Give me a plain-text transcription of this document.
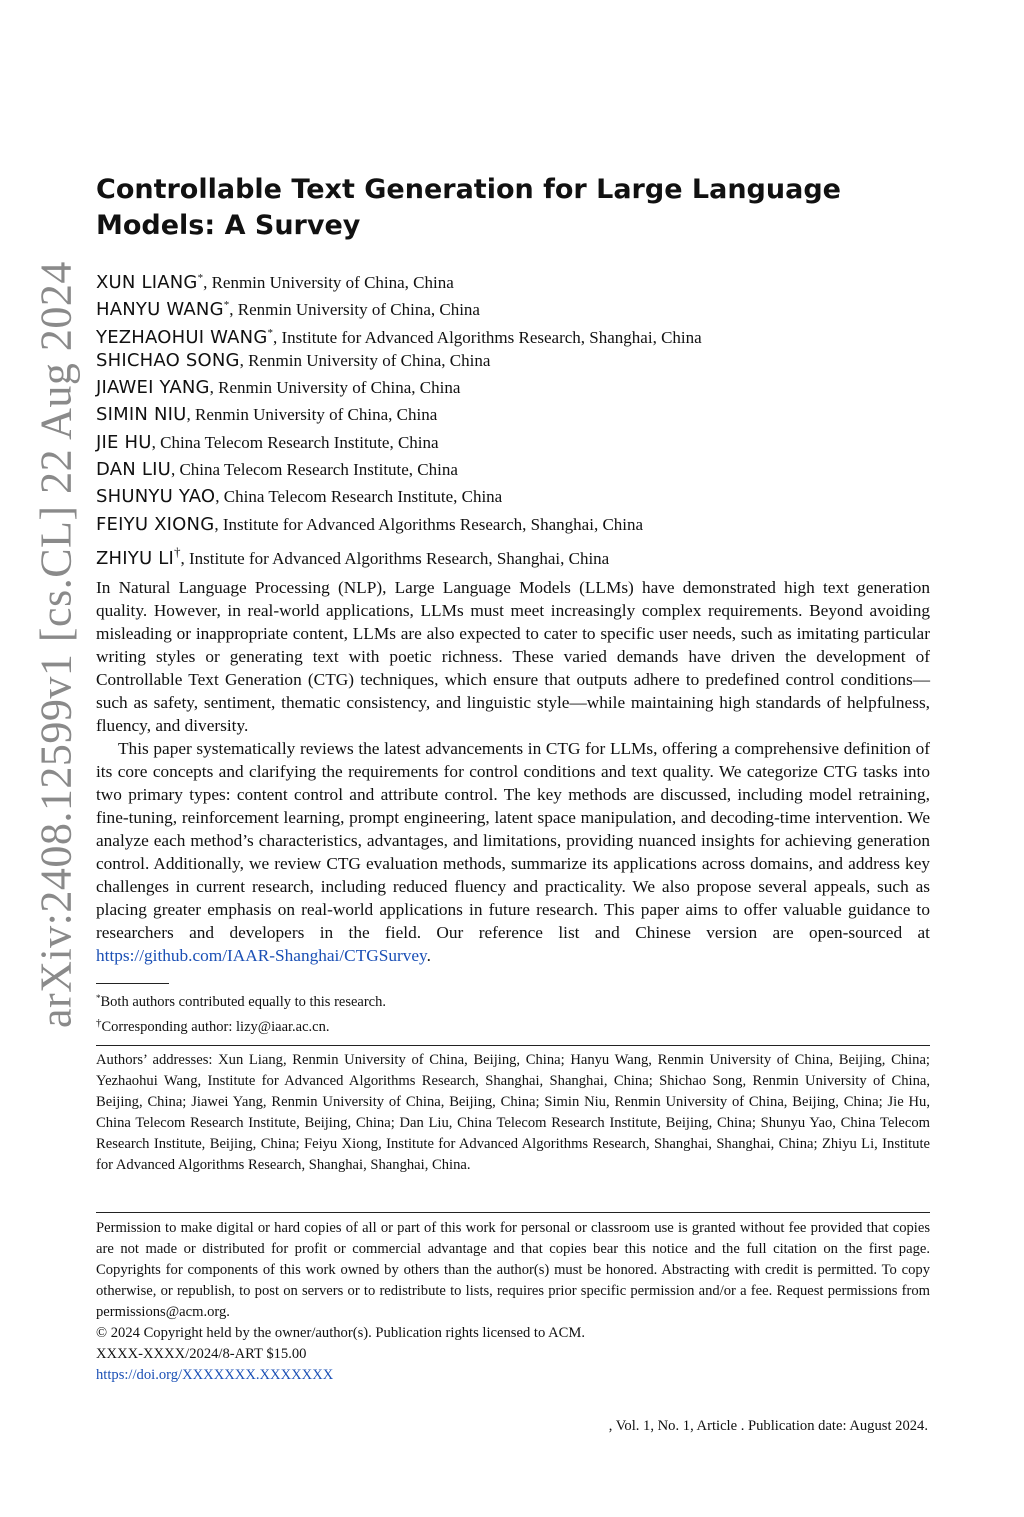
arXiv:2408.12599v1 [cs.CL] 22 Aug 2024
Controllable Text Generation for Large Language Models: A Survey
XUN LIANG*, Renmin University of China, China
HANYU WANG*, Renmin University of China, China
YEZHAOHUI WANG*, Institute for Advanced Algorithms Research, Shanghai, China
SHICHAO SONG, Renmin University of China, China
JIAWEI YANG, Renmin University of China, China
SIMIN NIU, Renmin University of China, China
JIE HU, China Telecom Research Institute, China
DAN LIU, China Telecom Research Institute, China
SHUNYU YAO, China Telecom Research Institute, China
FEIYU XIONG, Institute for Advanced Algorithms Research, Shanghai, China
ZHIYU LI†, Institute for Advanced Algorithms Research, Shanghai, China

In Natural Language Processing (NLP), Large Language Models (LLMs) have demonstrated high text generation quality. However, in real-world applications, LLMs must meet increasingly complex requirements. Beyond avoiding misleading or inappropriate content, LLMs are also expected to cater to specific user needs, such as imitating particular writing styles or generating text with poetic richness. These varied demands have driven the development of Controllable Text Generation (CTG) techniques, which ensure that outputs adhere to predefined control conditions—such as safety, sentiment, thematic consistency, and linguistic style—while maintaining high standards of helpfulness, fluency, and diversity.

This paper systematically reviews the latest advancements in CTG for LLMs, offering a comprehensive definition of its core concepts and clarifying the requirements for control conditions and text quality. We categorize CTG tasks into two primary types: content control and attribute control. The key methods are discussed, including model retraining, fine-tuning, reinforcement learning, prompt engineering, latent space manipulation, and decoding-time intervention. We analyze each method’s characteristics, advantages, and limitations, providing nuanced insights for achieving generation control. Additionally, we review CTG evaluation methods, summarize its applications across domains, and address key challenges in current research, including reduced fluency and practicality. We also propose several appeals, such as placing greater emphasis on real-world applications in future research. This paper aims to offer valuable guidance to researchers and developers in the field. Our reference list and Chinese version are open-sourced at https://github.com/IAAR-Shanghai/CTGSurvey.

*Both authors contributed equally to this research.
†Corresponding author: lizy@iaar.ac.cn.

Authors’ addresses: Xun Liang, Renmin University of China, Beijing, China; Hanyu Wang, Renmin University of China, Beijing, China; Yezhaohui Wang, Institute for Advanced Algorithms Research, Shanghai, Shanghai, China; Shichao Song, Renmin University of China, Beijing, China; Jiawei Yang, Renmin University of China, Beijing, China; Simin Niu, Renmin University of China, Beijing, China; Jie Hu, China Telecom Research Institute, Beijing, China; Dan Liu, China Telecom Research Institute, Beijing, China; Shunyu Yao, China Telecom Research Institute, Beijing, China; Feiyu Xiong, Institute for Advanced Algorithms Research, Shanghai, Shanghai, China; Zhiyu Li, Institute for Advanced Algorithms Research, Shanghai, Shanghai, China.

Permission to make digital or hard copies of all or part of this work for personal or classroom use is granted without fee provided that copies are not made or distributed for profit or commercial advantage and that copies bear this notice and the full citation on the first page. Copyrights for components of this work owned by others than the author(s) must be honored. Abstracting with credit is permitted. To copy otherwise, or republish, to post on servers or to redistribute to lists, requires prior specific permission and/or a fee. Request permissions from permissions@acm.org.

© 2024 Copyright held by the owner/author(s). Publication rights licensed to ACM.

XXXX-XXXX/2024/8-ART $15.00

https://doi.org/XXXXXXX.XXXXXXX

, Vol. 1, No. 1, Article . Publication date: August 2024.
